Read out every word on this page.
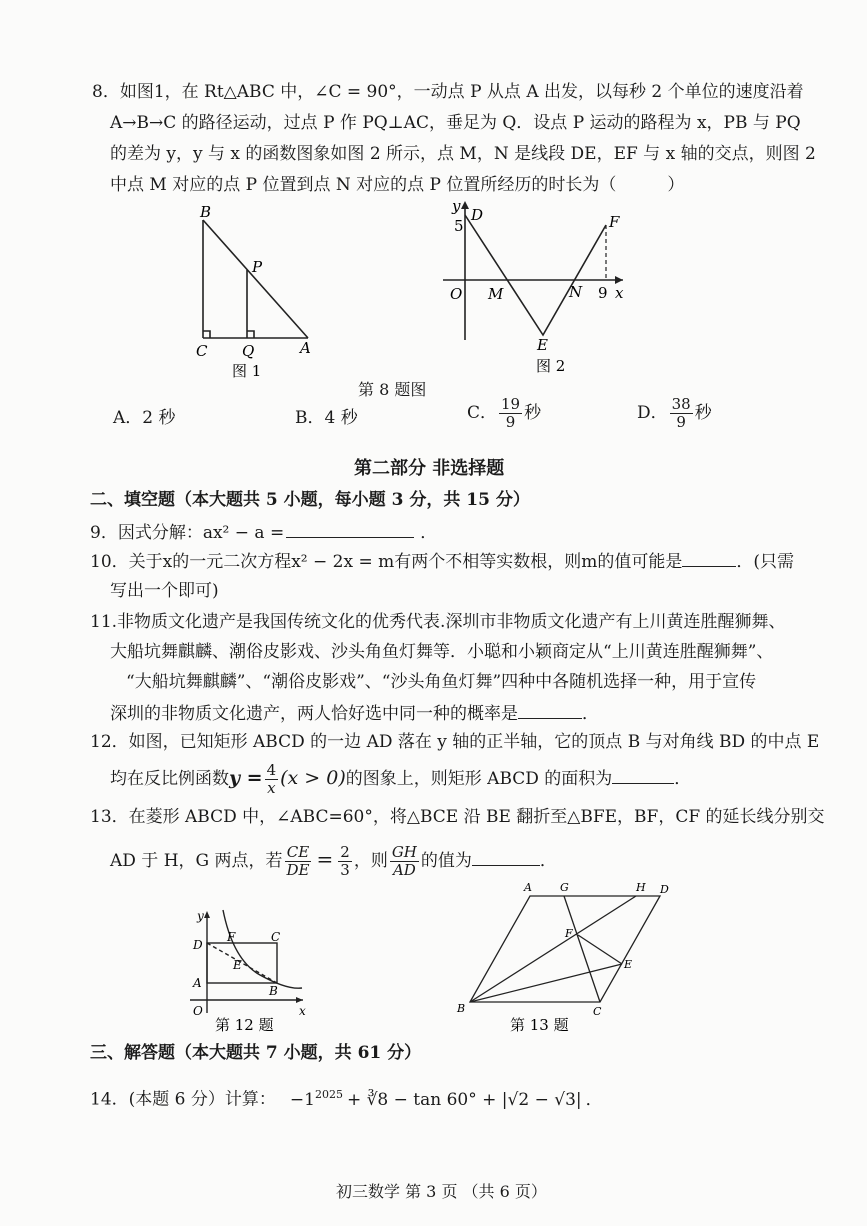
8．如图1，在 Rt△ABC 中，∠C = 90°，一动点 P 从点 A 出发，以每秒 2 个单位的速度沿着
A→B→C 的路径运动，过点 P 作 PQ⊥AC，垂足为 Q．设点 P 运动的路程为 x，PB 与 PQ
的差为 y，y 与 x 的函数图象如图 2 所示，点 M，N 是线段 DE，EF 与 x 轴的交点，则图 2
中点 M 对应的点 P 位置到点 N 对应的点 P 位置所经历的时长为（　　　）
B
P
C Q	A
图 1
y D
5
O M	N 9 x
F
E
图 2
第 8 题图
A．2 秒	B．4 秒	C． $\frac{19}{9}$ 秒	D． $\frac{38}{9}$ 秒
第二部分 非选择题
二、填空题（本大题共 5 小题，每小题 3 分，共 15 分）
9．因式分解：ax² − a =	．
10．关于x的一元二次方程x² − 2x = m有两个不相等实数根，则m的值可能是	．(只需
写出一个即可)
11.非物质文化遗产是我国传统文化的优秀代表.深圳市非物质文化遗产有上川黄连胜醒狮舞、
大船坑舞麒麟、潮俗皮影戏、沙头角鱼灯舞等．小聪和小颖商定从“上川黄连胜醒狮舞”、
“大船坑舞麒麟”、“潮俗皮影戏”、“沙头角鱼灯舞”四种中各随机选择一种，用于宣传
深圳的非物质文化遗产，两人恰好选中同一种的概率是	．
12．如图，已知矩形 ABCD 的一边 AD 落在 y 轴的正半轴，它的顶点 B 与对角线 BD 的中点 E
均在反比例函数$y = \frac{4}{x} (x > 0)$的图象上，则矩形 ABCD 的面积为	．
13．在菱形 ABCD 中，∠ABC=60°，将△BCE 沿 BE 翻折至△BFE，BF，CF 的延长线分别交
AD 于 H，G 两点，若 $\frac{CE}{DE} = \frac{2}{3}$ ，则 $\frac{GH}{AD}$ 的值为	．
y
D
F	C
E
A
B
O	x
第 12 题
A	G	H D
F
E
B	C
第 13 题
三、解答题（本大题共 7 小题，共 61 分）
14．(本题 6 分）计算： $-1^{2025}$ + ∛8 − tan 60° + |√2 − √3| ．
初三数学 第 3 页 （共 6 页）
